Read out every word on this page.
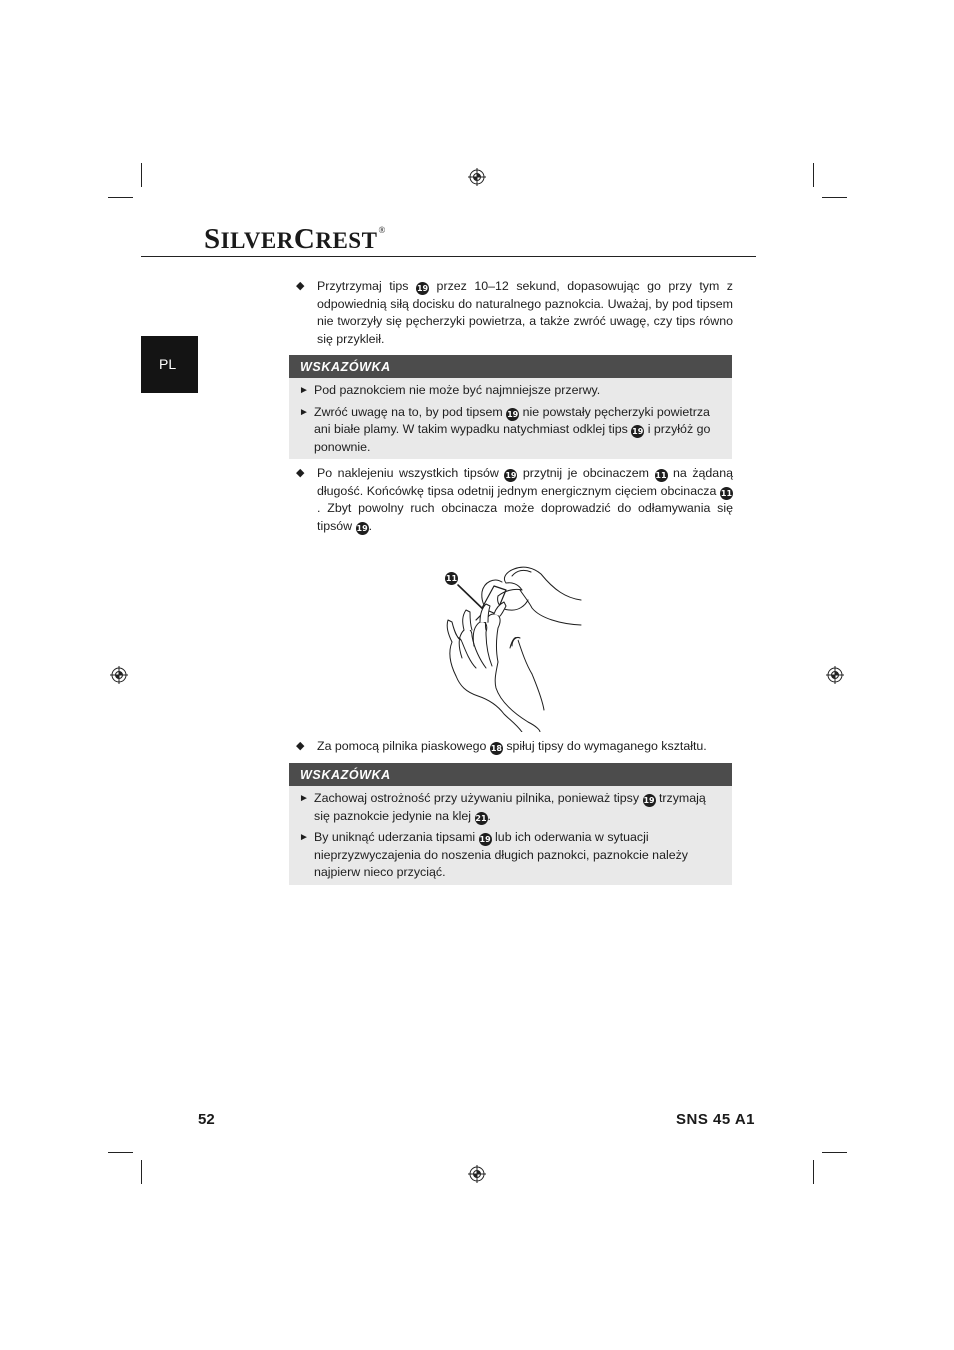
SILVERCREST®
PL
◆ Przytrzymaj tips 19 przez 10–12 sekund, dopasowując go przy tym z odpowiednią siłą docisku do naturalnego paznokcia. Uważaj, by pod tipsem nie tworzyły się pęcherzyki powietrza, a także zwróć uwagę, czy tips równo się przykleił.
WSKAZÓWKA
► Pod paznokciem nie może być najmniejsze przerwy.
► Zwróć uwagę na to, by pod tipsem 19 nie powstały pęcherzyki powietrza ani białe plamy. W takim wypadku natychmiast odklej tips 19 i przyłóż go ponownie.
◆ Po naklejeniu wszystkich tipsów 19 przytnij je obcinaczem 11 na żądaną długość. Końcówkę tipsa odetnij jednym energicznym cięciem obcinacza 11. Zbyt powolny ruch obcinacza może doprowadzić do odłamywania się tipsów 19.
11
◆ Za pomocą pilnika piaskowego 18 spiłuj tipsy do wymaganego kształtu.
WSKAZÓWKA
► Zachowaj ostrożność przy używaniu pilnika, ponieważ tipsy 19 trzymają się paznokcie jedynie na klej 21.
► By uniknąć uderzania tipsami 19 lub ich oderwania w sytuacji nieprzyzwyczajenia do noszenia długich paznokci, paznokcie należy najpierw nieco przyciąć.
52	SNS 45 A1
